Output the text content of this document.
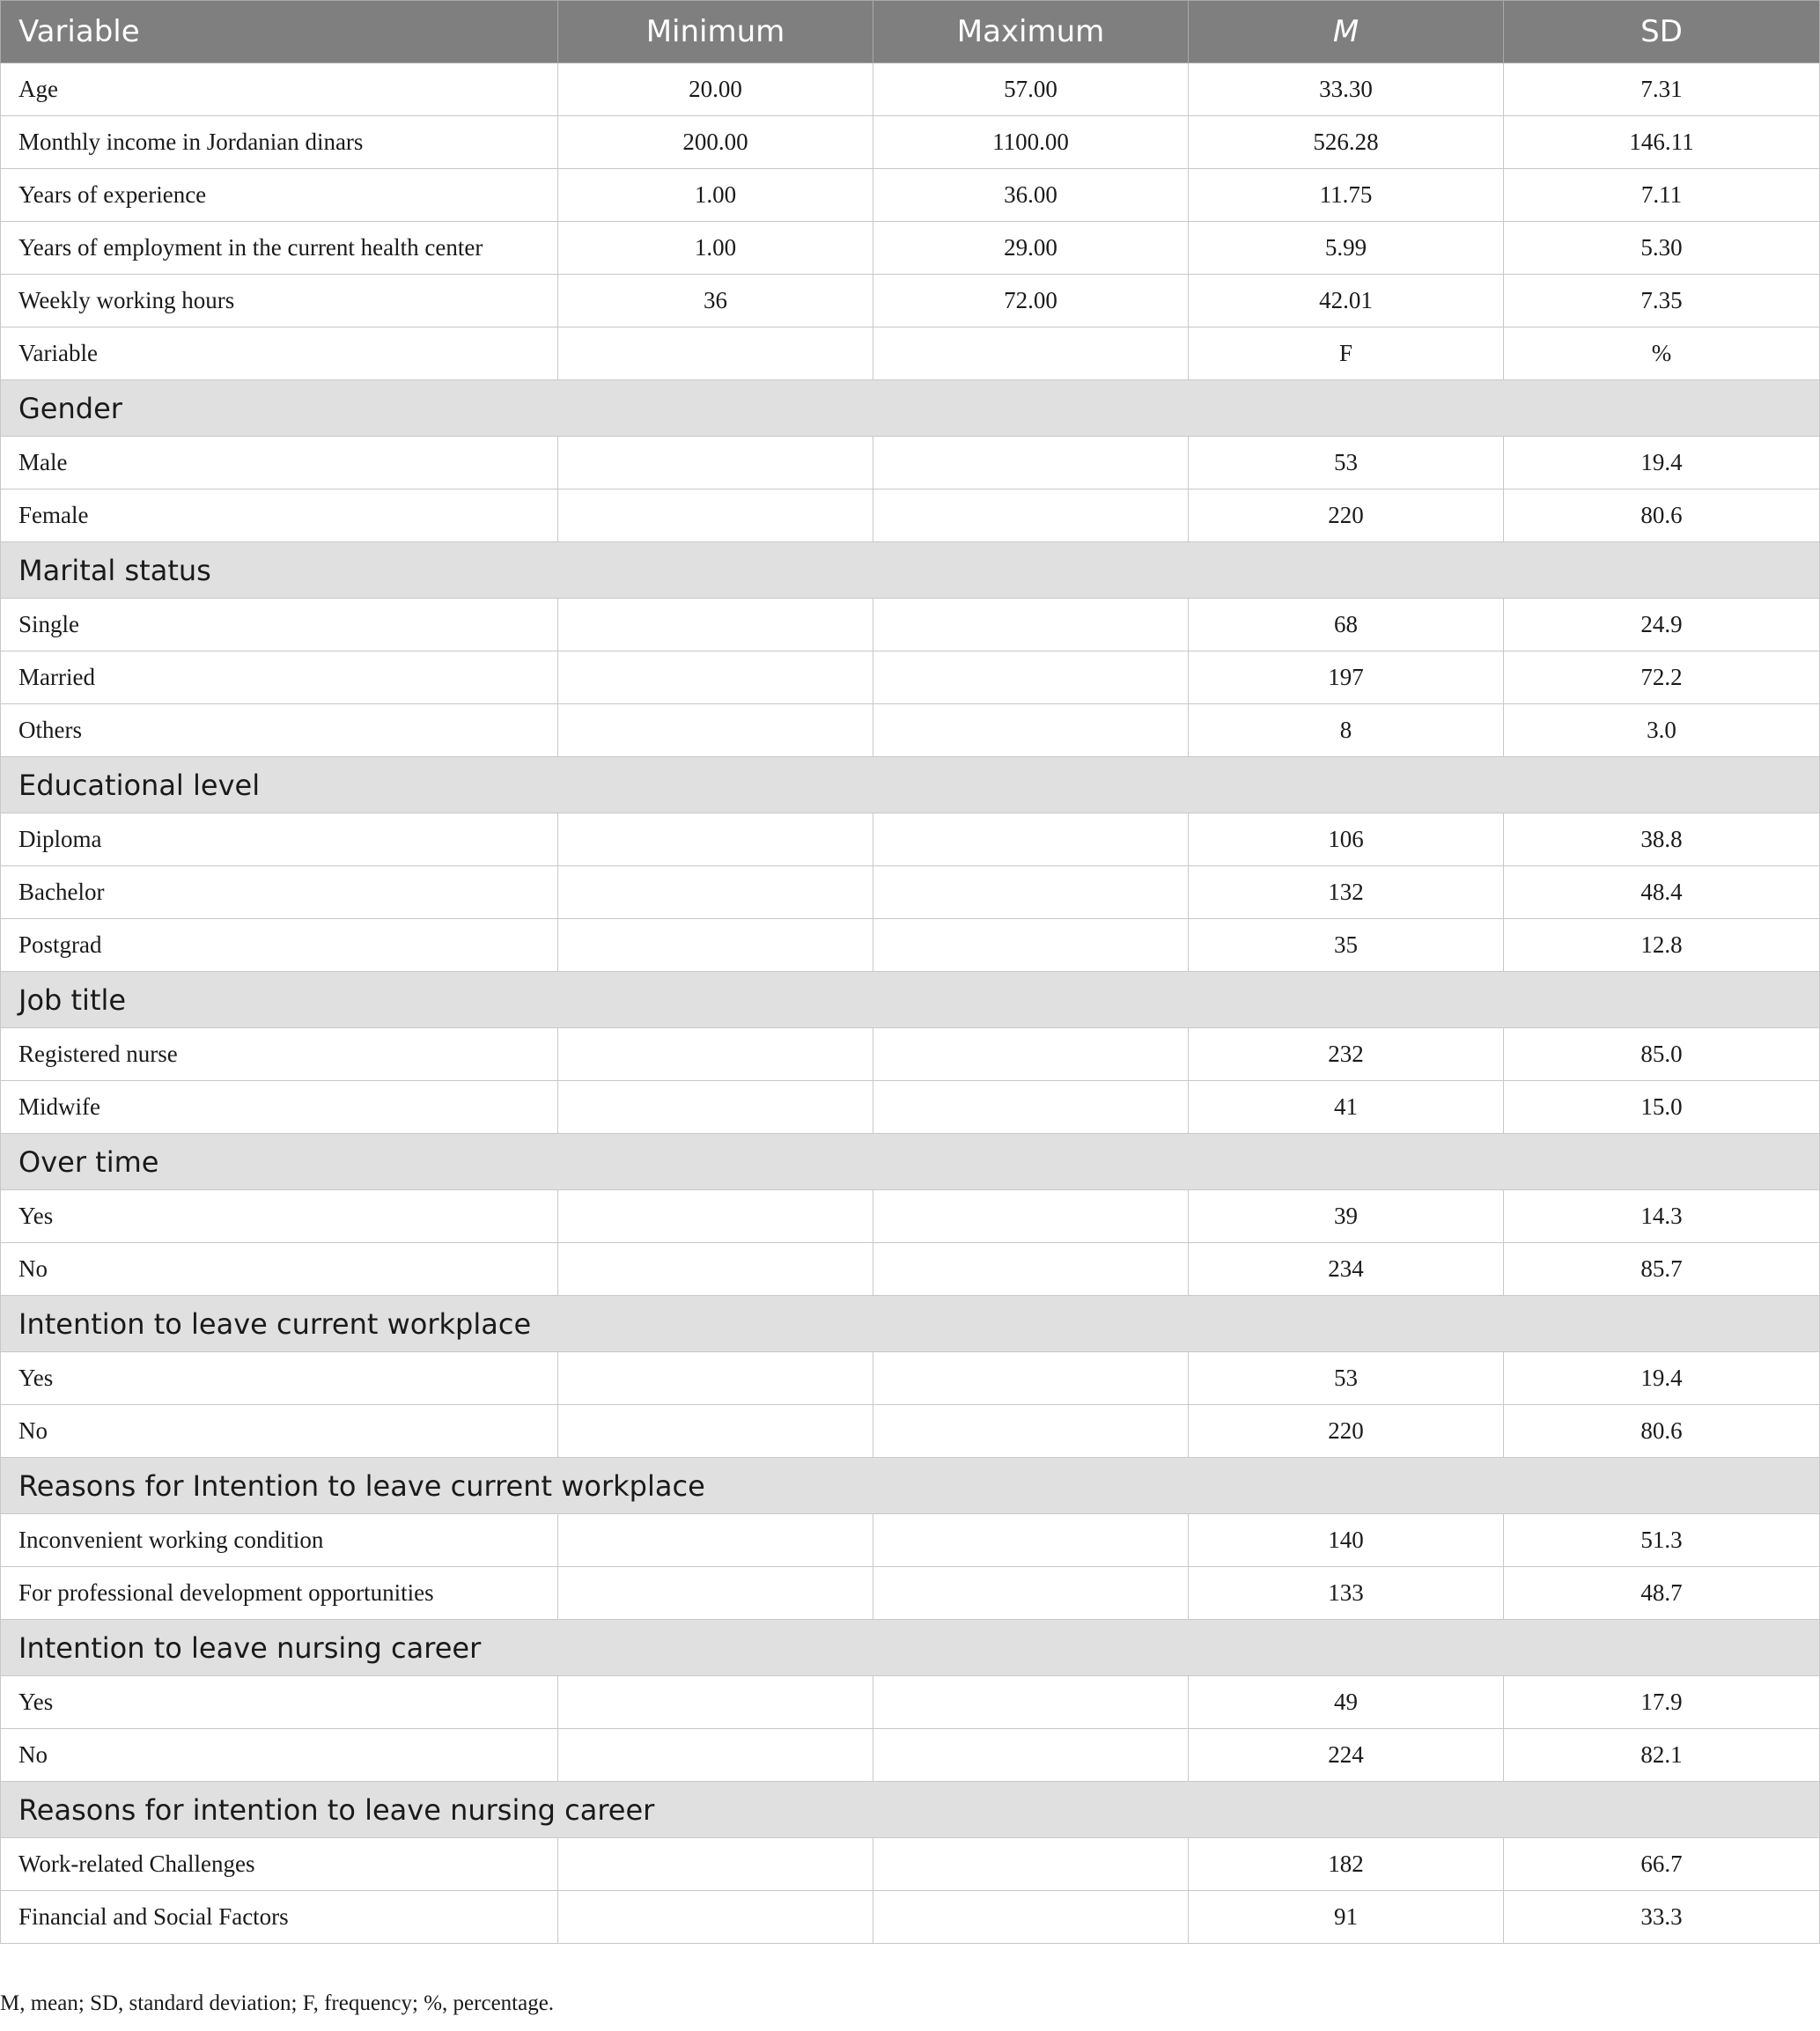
Variable	Minimum	Maximum	M	SD
Age	20.00	57.00	33.30	7.31
Monthly income in Jordanian dinars	200.00	1100.00	526.28	146.11
Years of experience	1.00	36.00	11.75	7.11
Years of employment in the current health center	1.00	29.00	5.99	5.30
Weekly working hours	36	72.00	42.01	7.35
Variable			F	%
Gender				
Male			53	19.4
Female			220	80.6
Marital status				
Single			68	24.9
Married			197	72.2
Others			8	3.0
Educational level				
Diploma			106	38.8
Bachelor			132	48.4
Postgrad			35	12.8
Job title				
Registered nurse			232	85.0
Midwife			41	15.0
Over time				
Yes			39	14.3
No			234	85.7
Intention to leave current workplace				
Yes			53	19.4
No			220	80.6
Reasons for Intention to leave current workplace				
Inconvenient working condition			140	51.3
For professional development opportunities			133	48.7
Intention to leave nursing career				
Yes			49	17.9
No			224	82.1
Reasons for intention to leave nursing career				
Work-related Challenges			182	66.7
Financial and Social Factors			91	33.3
M, mean; SD, standard deviation; F, frequency; %, percentage.
